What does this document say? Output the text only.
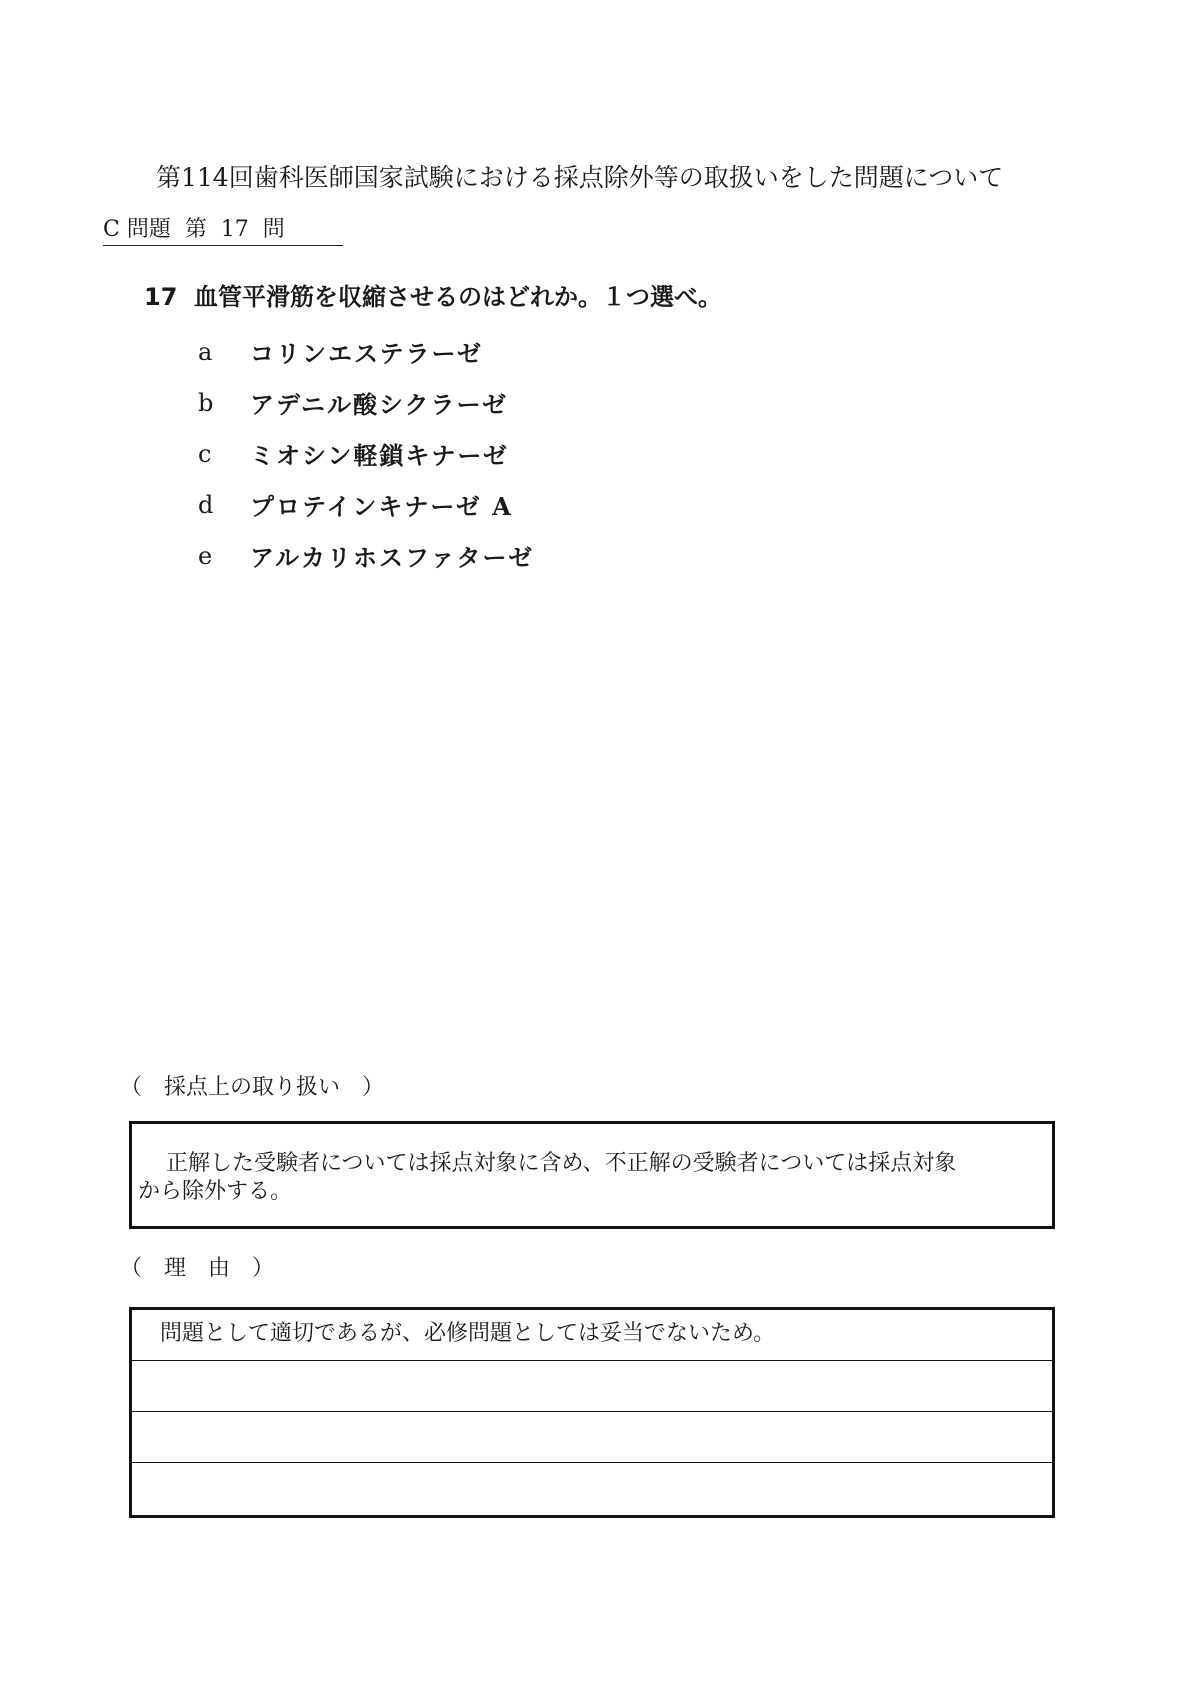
第114回歯科医師国家試験における採点除外等の取扱いをした問題について
C 問題  第  17  問
17 血管平滑筋を収縮させるのはどれか。１つ選べ。
a	コリンエステラーゼ
b	アデニル酸シクラーゼ
c	ミオシン軽鎖キナーゼ
d	プロテインキナーゼ A
e	アルカリホスファターゼ
（　採点上の取り扱い　）
正解した受験者については採点対象に含め、不正解の受験者については採点対象
から除外する。
（　理　由　）
問題として適切であるが、必修問題としては妥当でないため。
